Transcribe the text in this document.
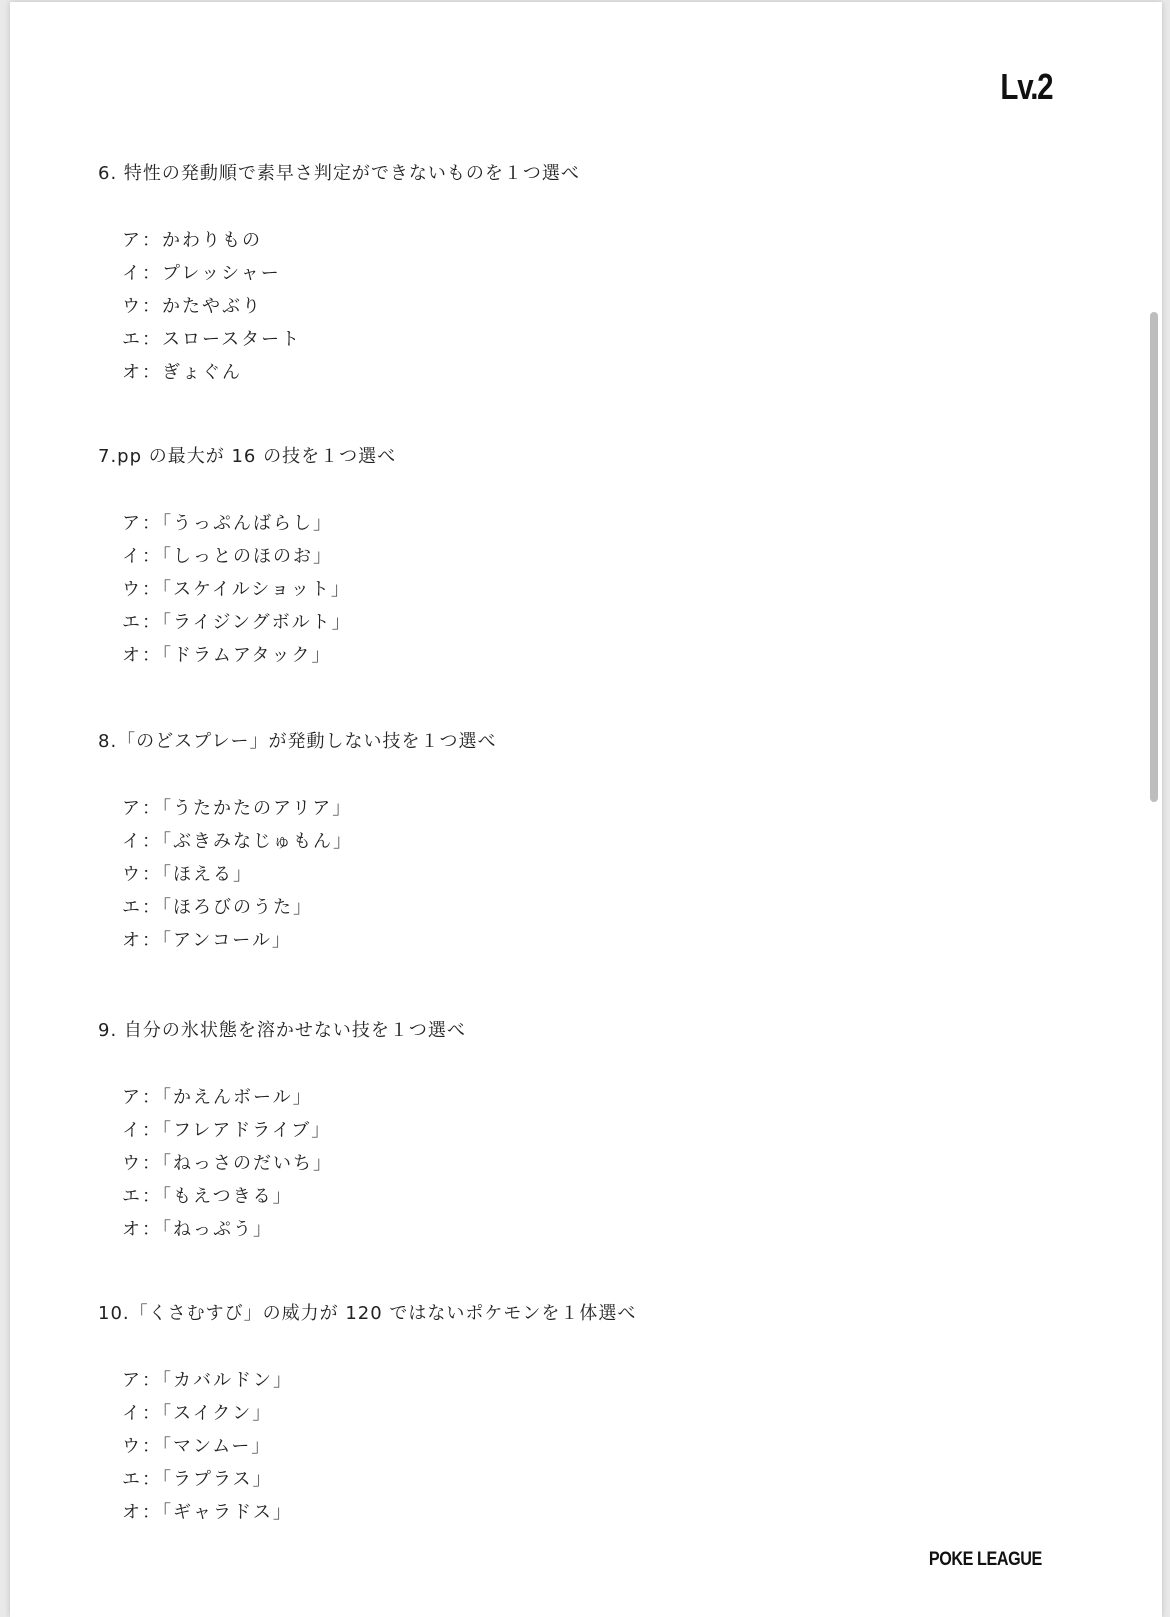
Lv.2

6. 特性の発動順で素早さ判定ができないものを１つ選べ

ア：かわりもの
イ：プレッシャー
ウ：かたやぶり
エ：スロースタート
オ：ぎょぐん

7.pp の最大が 16 の技を１つ選べ

ア：「うっぷんばらし」
イ：「しっとのほのお」
ウ：「スケイルショット」
エ：「ライジングボルト」
オ：「ドラムアタック」

8.「のどスプレー」が発動しない技を１つ選べ

ア：「うたかたのアリア」
イ：「ぶきみなじゅもん」
ウ：「ほえる」
エ：「ほろびのうた」
オ：「アンコール」

9. 自分の氷状態を溶かせない技を１つ選べ

ア：「かえんボール」
イ：「フレアドライブ」
ウ：「ねっさのだいち」
エ：「もえつきる」
オ：「ねっぷう」

10.「くさむすび」の威力が 120 ではないポケモンを１体選べ

ア：「カバルドン」
イ：「スイクン」
ウ：「マンムー」
エ：「ラプラス」
オ：「ギャラドス」
POKE LEAGUE
